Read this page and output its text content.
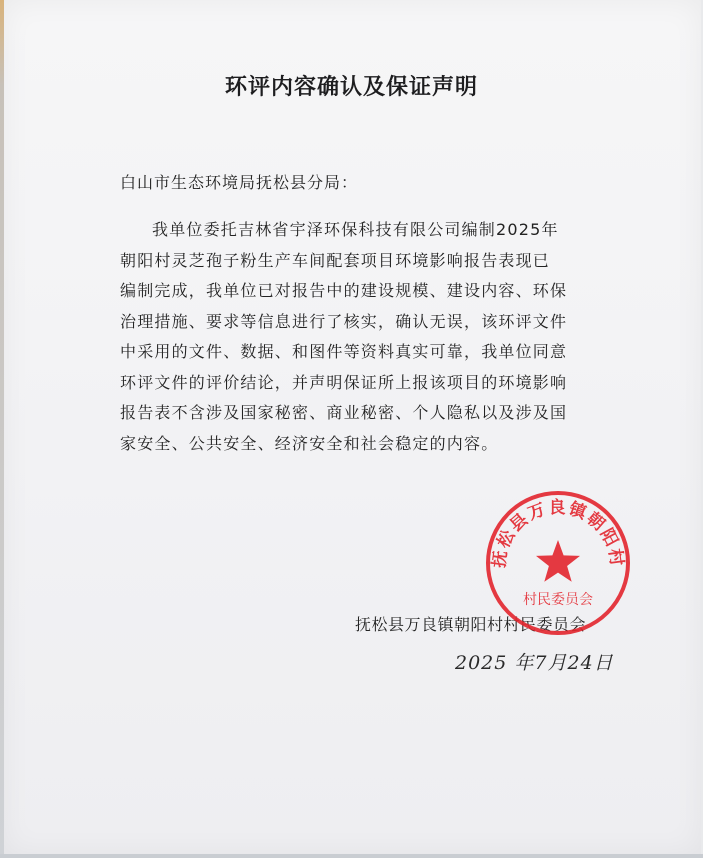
环评内容确认及保证声明
白山市生态环境局抚松县分局：
我单位委托吉林省宇泽环保科技有限公司编制2025年
朝阳村灵芝孢子粉生产车间配套项目环境影响报告表现已
编制完成，我单位已对报告中的建设规模、建设内容、环保
治理措施、要求等信息进行了核实，确认无误，该环评文件
中采用的文件、数据、和图件等资料真实可靠，我单位同意
环评文件的评价结论，并声明保证所上报该项目的环境影响
报告表不含涉及国家秘密、商业秘密、个人隐私以及涉及国
家安全、公共安全、经济安全和社会稳定的内容。
抚松县万良镇朝阳村村民委员会
2025 年7月24日
抚松县万良镇朝阳村
村民委员会
